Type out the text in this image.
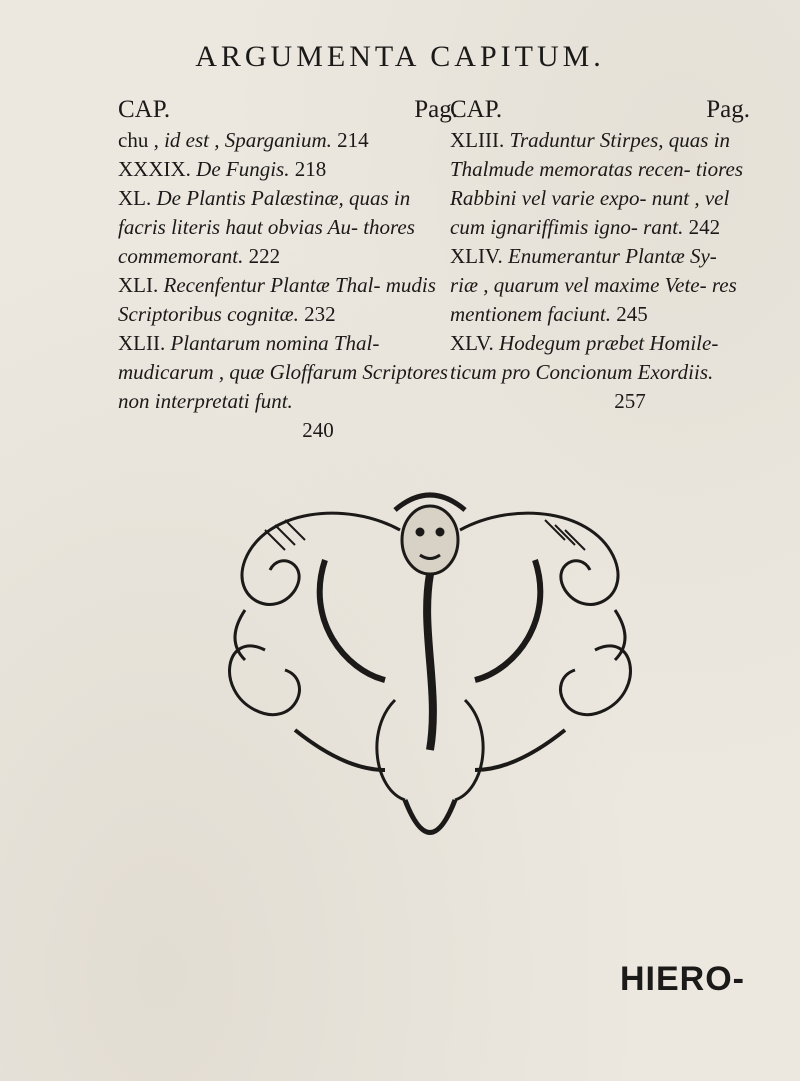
ARGUMENTA CAPITUM.
CAP.	Pag.

chu , id est , Sparganium. 214

XXXIX. De Fungis. 218

XL. De Plantis Palæstinæ, quas in facris literis haut obvias Au- thores commemorant. 222

XLI. Recenfentur Plantæ Thal- mudis Scriptoribus cognitæ. 232

XLII. Plantarum nomina Thal- mudicarum , quæ Gloffarum Scriptores non interpretati funt.
240

CAP.	Pag.

XLIII. Traduntur Stirpes, quas in Thalmude memoratas recen- tiores Rabbini vel varie expo- nunt , vel cum ignariffimis igno- rant. 242

XLIV. Enumerantur Plantæ Sy- riæ , quarum vel maxime Vete- res mentionem faciunt. 245

XLV. Hodegum præbet Homile- ticum pro Concionum Exordiis.
257

HIERO-
